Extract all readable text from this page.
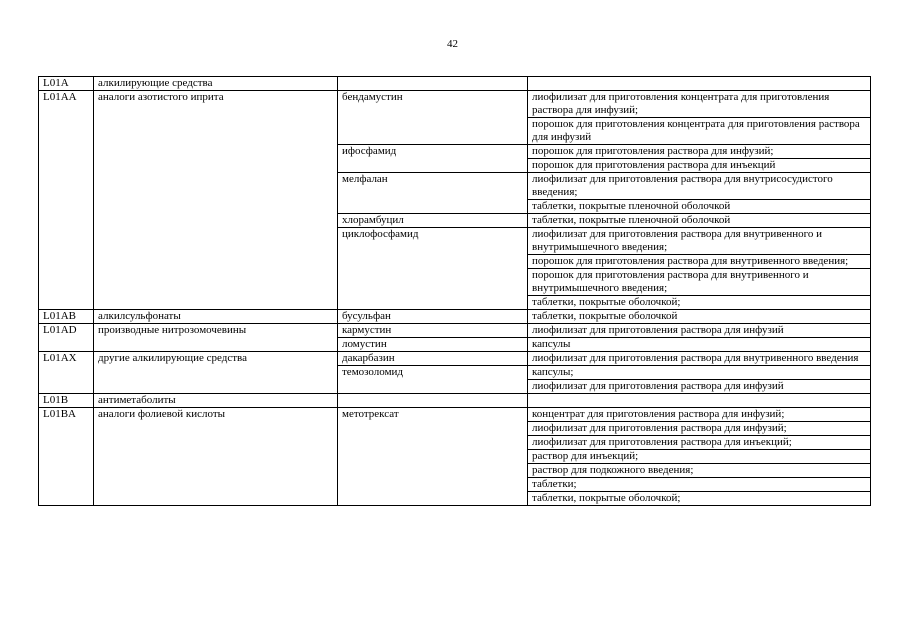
42
L01A	алкилирующие средства		
L01AA	аналоги азотистого иприта	бендамустин	лиофилизат для приготовления концентрата для приготовления раствора для инфузий;
			порошок для приготовления концентрата для приготовления раствора для инфузий
		ифосфамид	порошок для приготовления раствора для инфузий;
			порошок для приготовления раствора для инъекций
		мелфалан	лиофилизат для приготовления раствора для внутрисосудистого введения;
			таблетки, покрытые пленочной оболочкой
		хлорамбуцил	таблетки, покрытые пленочной оболочкой
		циклофосфамид	лиофилизат для приготовления раствора для внутривенного и внутримышечного введения;
			порошок для приготовления раствора для внутривенного введения;
			порошок для приготовления раствора для внутривенного и внутримышечного введения;
			таблетки, покрытые оболочкой;
L01AB	алкилсульфонаты	бусульфан	таблетки, покрытые оболочкой
L01AD	производные нитрозомочевины	кармустин	лиофилизат для приготовления раствора для инфузий
		ломустин	капсулы
L01AX	другие алкилирующие средства	дакарбазин	лиофилизат для приготовления раствора для внутривенного введения
		темозоломид	капсулы;
			лиофилизат для приготовления раствора для инфузий
L01B	антиметаболиты		
L01BA	аналоги фолиевой кислоты	метотрексат	концентрат для приготовления раствора для инфузий;
			лиофилизат для приготовления раствора для инфузий;
			лиофилизат для приготовления раствора для инъекций;
			раствор для инъекций;
			раствор для подкожного введения;
			таблетки;
			таблетки, покрытые оболочкой;
